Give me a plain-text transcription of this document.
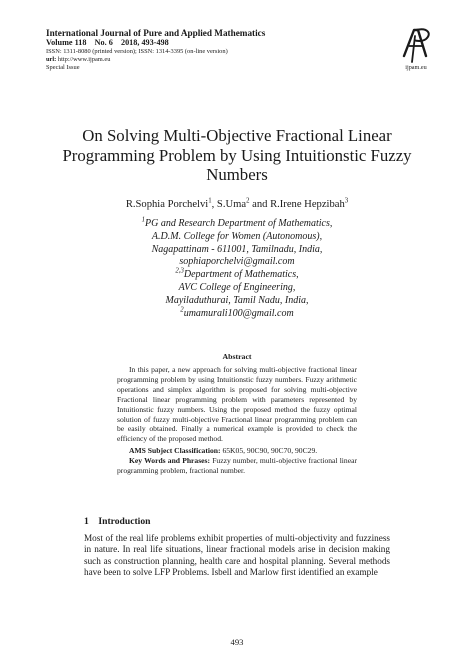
International Journal of Pure and Applied Mathematics
Volume 118    No. 6    2018, 493-498
ISSN: 1311-8080 (printed version); ISSN: 1314-3395 (on-line version)
url: http://www.ijpam.eu
Special Issue	ijpam.eu
On Solving Multi-Objective Fractional Linear Programming Problem by Using Intuitionstic Fuzzy Numbers
R.Sophia Porchelvi$^1$, S.Uma$^2$ and R.Irene Hepzibah$^3$
$^1$PG and Research Department of Mathematics,
A.D.M. College for Women (Autonomous),
Nagapattinam - 611001, Tamilnadu, India,
sophiaporchelvi@gmail.com
$^{2,3}$Department of Mathematics,
AVC College of Engineering,
Mayiladuthurai, Tamil Nadu, India,
$^2$umamurali100@gmail.com
Abstract
In this paper, a new approach for solving multi-objective fractional linear programming problem by using Intuitionstic fuzzy numbers. Fuzzy arithmetic operations and simplex algorithm is proposed for solving multi-objective Fractional linear programming problem with parameters represented by Intuitionstic fuzzy numbers. Using the proposed method the fuzzy optimal solution of fuzzy multi-objective Fractional linear programming problem can be easily obtained. Finally a numerical example is provided to check the efficiency of the proposed method.
AMS Subject Classification: 65K05, 90C90, 90C70, 90C29.
Key Words and Phrases: Fuzzy number, multi-objective fractional linear programming problem, fractional number.
1 Introduction
Most of the real life problems exhibit properties of multi-objectivity and fuzziness in nature. In real life situations, linear fractional models arise in decision making such as construction planning, health care and hospital planning. Several methods have been to solve LFP Problems. Isbell and Marlow first identified an example
493
